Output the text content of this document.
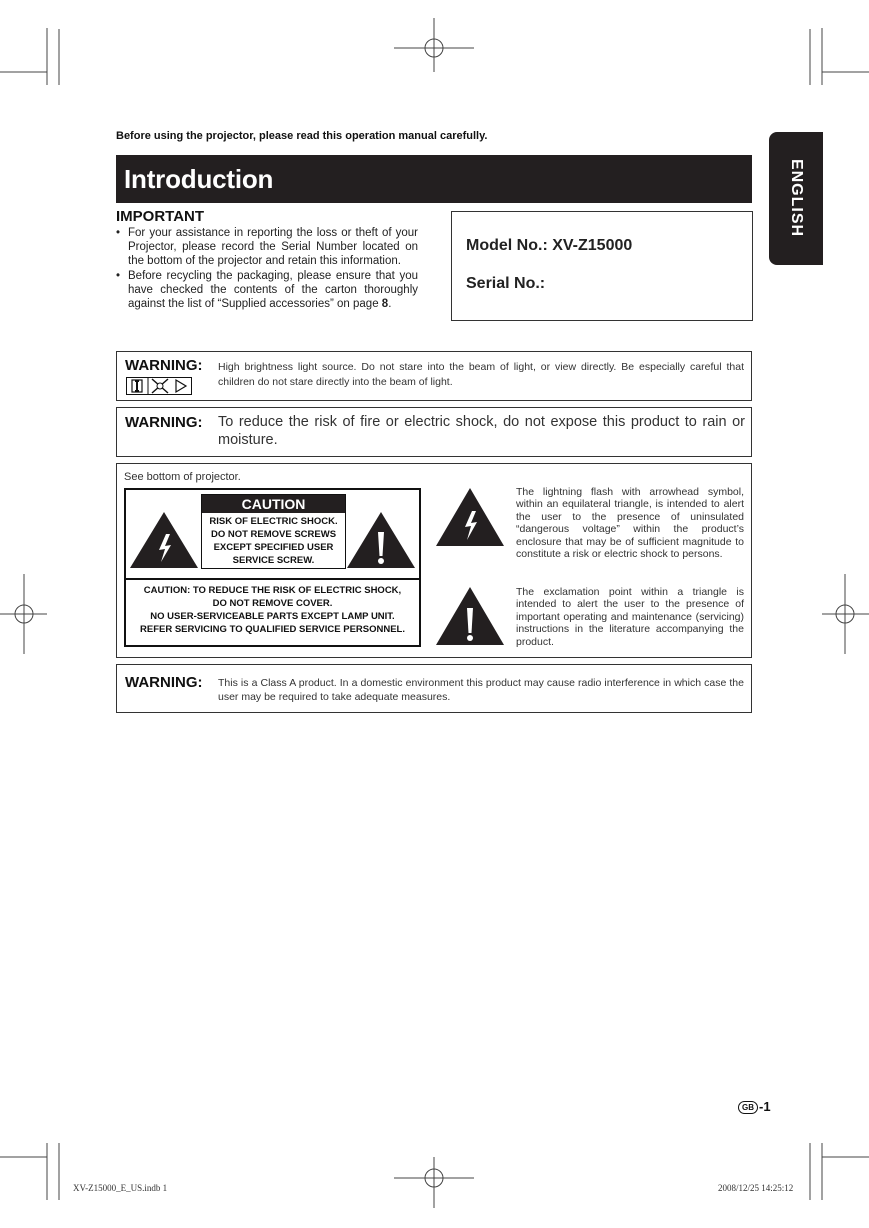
Before using the projector, please read this operation manual carefully.
Introduction	ENGLISH
IMPORTANT
• For your assistance in reporting the loss or theft of your Projector, please record the Serial Number located on the bottom of the projector and retain this information.
• Before recycling the packaging, please ensure that you have checked the contents of the carton thoroughly against the list of “Supplied accessories” on page 8.
Model No.: XV-Z15000
Serial No.:
WARNING: High brightness light source. Do not stare into the beam of light, or view directly. Be especially careful that children do not stare directly into the beam of light.
WARNING: To reduce the risk of fire or electric shock, do not expose this product to rain or moisture.
See bottom of projector.
CAUTION
RISK OF ELECTRIC SHOCK.
DO NOT REMOVE SCREWS
EXCEPT SPECIFIED USER
SERVICE SCREW.
CAUTION: TO REDUCE THE RISK OF ELECTRIC SHOCK,
DO NOT REMOVE COVER.
NO USER-SERVICEABLE PARTS EXCEPT LAMP UNIT.
REFER SERVICING TO QUALIFIED SERVICE PERSONNEL.
The lightning flash with arrowhead symbol, within an equilateral triangle, is intended to alert the user to the presence of uninsulated “dangerous voltage” within the product’s enclosure that may be of sufficient magnitude to constitute a risk or electric shock to persons.
The exclamation point within a triangle is intended to alert the user to the presence of important operating and maintenance (servicing) instructions in the literature accompanying the product.
WARNING: This is a Class A product. In a domestic environment this product may cause radio interference in which case the user may be required to take adequate measures.
GB -1
XV-Z15000_E_US.indb 1	2008/12/25 14:25:12
